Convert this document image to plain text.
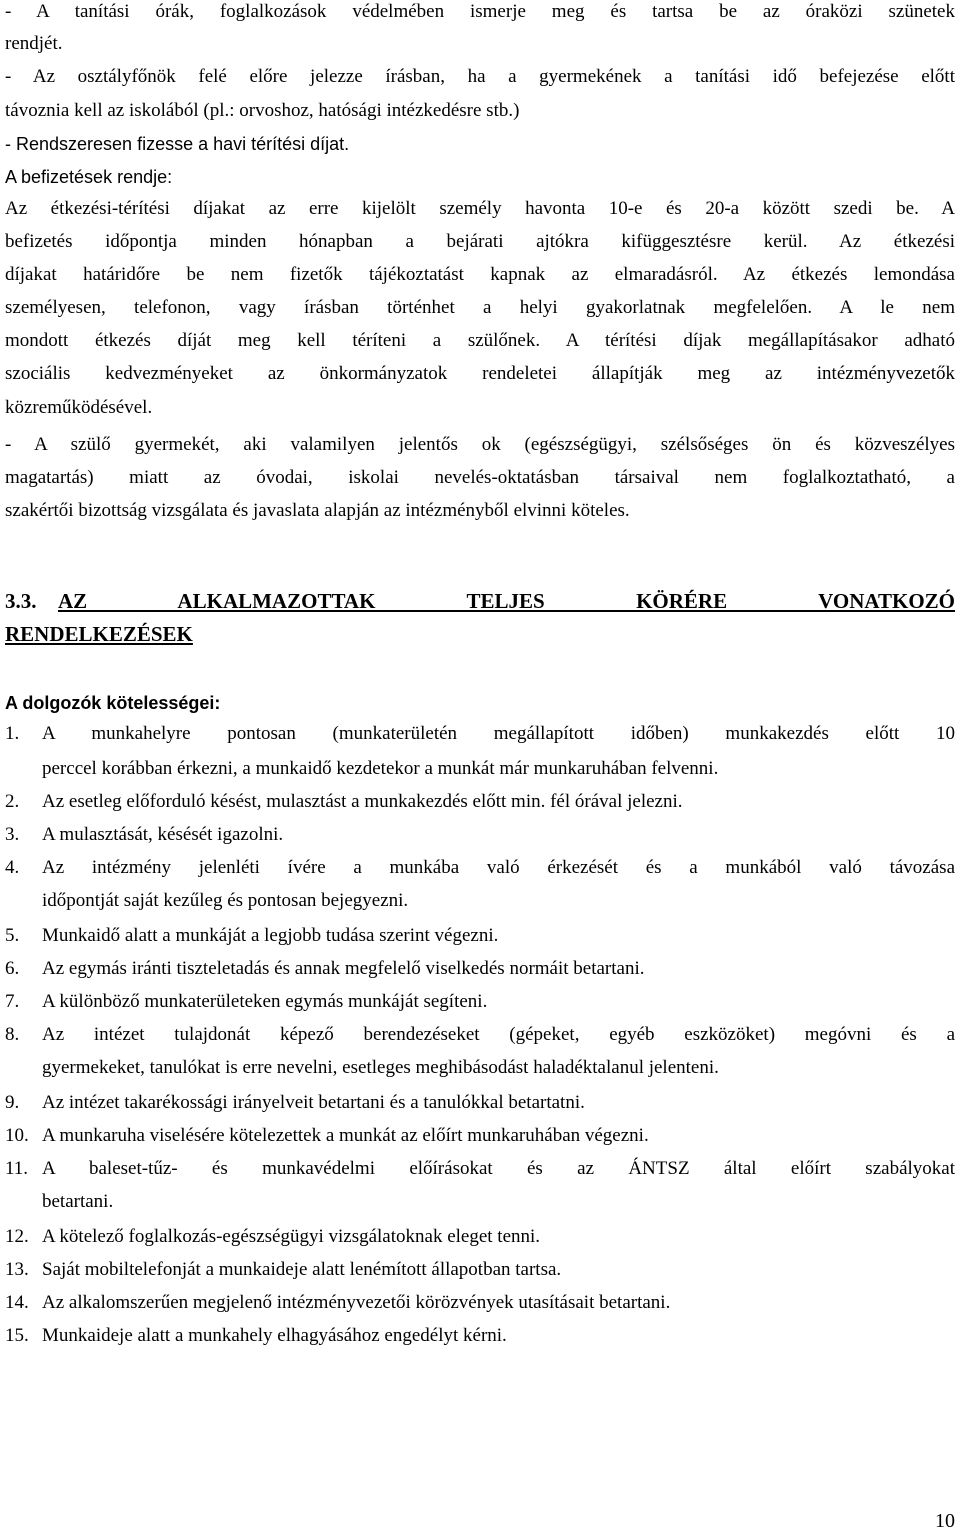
- A tanítási órák, foglalkozások védelmében ismerje meg és tartsa be az óraközi szünetek
rendjét.
- Az osztályfőnök felé előre jelezze írásban, ha a gyermekének a tanítási idő befejezése előtt
távoznia kell az iskolából (pl.: orvoshoz, hatósági intézkedésre stb.)
- Rendszeresen fizesse a havi térítési díjat.
A befizetések rendje:
Az étkezési-térítési díjakat az erre kijelölt személy havonta 10-e és 20-a között szedi be. A
befizetés időpontja minden hónapban a bejárati ajtókra kifüggesztésre kerül. Az étkezési
díjakat határidőre be nem fizetők tájékoztatást kapnak az elmaradásról. Az étkezés lemondása
személyesen, telefonon, vagy írásban történhet a helyi gyakorlatnak megfelelően. A le nem
mondott étkezés díját meg kell téríteni a szülőnek. A térítési díjak megállapításakor adható
szociális kedvezményeket az önkormányzatok rendeletei állapítják meg az intézményvezetők
közreműködésével.
- A szülő gyermekét, aki valamilyen jelentős ok (egészségügyi, szélsőséges ön és közveszélyes
magatartás) miatt az óvodai, iskolai nevelés-oktatásban társaival nem foglalkoztatható, a
szakértői bizottság vizsgálata és javaslata alapján az intézményből elvinni köteles.
3.3. AZ ALKALMAZOTTAK TELJES KÖRÉRE VONATKOZÓ
RENDELKEZÉSEK
A dolgozók kötelességei:
1.	A munkahelyre pontosan (munkaterületén megállapított időben) munkakezdés előtt 10
perccel korábban érkezni, a munkaidő kezdetekor a munkát már munkaruhában felvenni.
2.	Az esetleg előforduló késést, mulasztást a munkakezdés előtt min. fél órával jelezni.
3.	A mulasztását, késését igazolni.
4.	Az intézmény jelenléti ívére a munkába való érkezését és a munkából való távozása
időpontját saját kezűleg és pontosan bejegyezni.
5.	Munkaidő alatt a munkáját a legjobb tudása szerint végezni.
6.	Az egymás iránti tiszteletadás és annak megfelelő viselkedés normáit betartani.
7.	A különböző munkaterületeken egymás munkáját segíteni.
8.	Az intézet tulajdonát képező berendezéseket (gépeket, egyéb eszközöket) megóvni és a
gyermekeket, tanulókat is erre nevelni, esetleges meghibásodást haladéktalanul jelenteni.
9.	Az intézet takarékossági irányelveit betartani és a tanulókkal betartatni.
10. A munkaruha viselésére kötelezettek a munkát az előírt munkaruhában végezni.
11. A baleset-tűz- és munkavédelmi előírásokat és az ÁNTSZ által előírt szabályokat
betartani.
12. A kötelező foglalkozás-egészségügyi vizsgálatoknak eleget tenni.
13. Saját mobiltelefonját a munkaideje alatt lenémított állapotban tartsa.
14. Az alkalomszerűen megjelenő intézményvezetői körözvények utasításait betartani.
15. Munkaideje alatt a munkahely elhagyásához engedélyt kérni.
10
